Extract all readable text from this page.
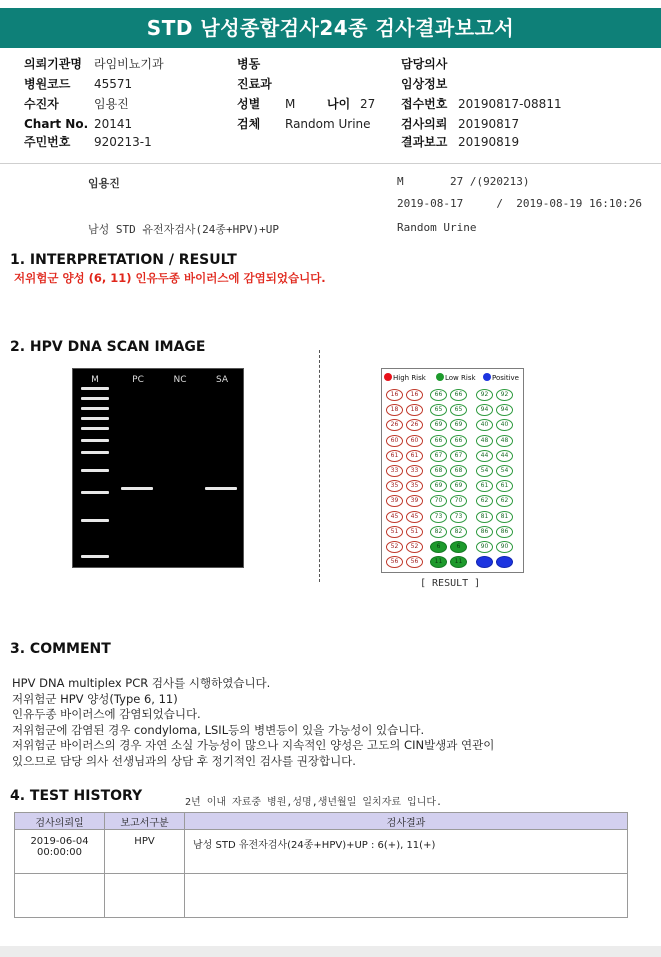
STD 남성종합검사24종 검사결과보고서
의뢰기관명 라임비뇨기과	병동	담당의사
병원코드 45571	진료과	임상정보
수진자	임용진	성별 M	나이 27 접수번호 20190817-08811
Chart No. 20141	검체 Random Urine	검사의뢰 20190817
주민번호 920213-1	결과보고 20190819
임용진	M       27 /(920213)
2019-08-17     /  2019-08-19 16:10:26
남성 STD 유전자검사(24종+HPV)+UP	Random Urine
1. INTERPRETATION / RESULT
저위험군 양성 (6, 11) 인유두종 바이러스에 감염되었습니다.
2. HPV DNA SCAN IMAGE
M	PC	NC	SA	High Risk	Low Risk	Positive
16	16	66	66	92	92
18	18	65	65	94	94
26	26	69	69	40	40
60	60	66	66	48	48
61	61	67	67	44	44
33	33	68	68	54	54
35	35	69	69	61	61
39	39	70	70	62	62
45	45	73	73	81	81
51	51	82	82	86	86
52	52	6	6	90	90
56	56	11	11
[ RESULT ]
3. COMMENT

HPV DNA multiplex PCR 검사를 시행하였습니다.

저위험군 HPV 양성(Type 6, 11)

인유두종 바이러스에 감염되었습니다.

저위험군에 감염된 경우 condyloma, LSIL등의 병변등이 있을 가능성이 있습니다.

저위험군 바이러스의 경우 자연 소실 가능성이 많으나 지속적인 양성은 고도의 CIN발생과 연관이

있으므로 담당 의사 선생님과의 상담 후 정기적인 검사를 권장합니다.

4. TEST HISTORY	2년 이내 자료중 병원,성명,생년월일 일치자료 입니다.
검사의뢰일	보고서구분	검사결과

2019-06-04
00:00:00	HPV	남성 STD 유전자검사(24종+HPV)+UP : 6(+), 11(+)
